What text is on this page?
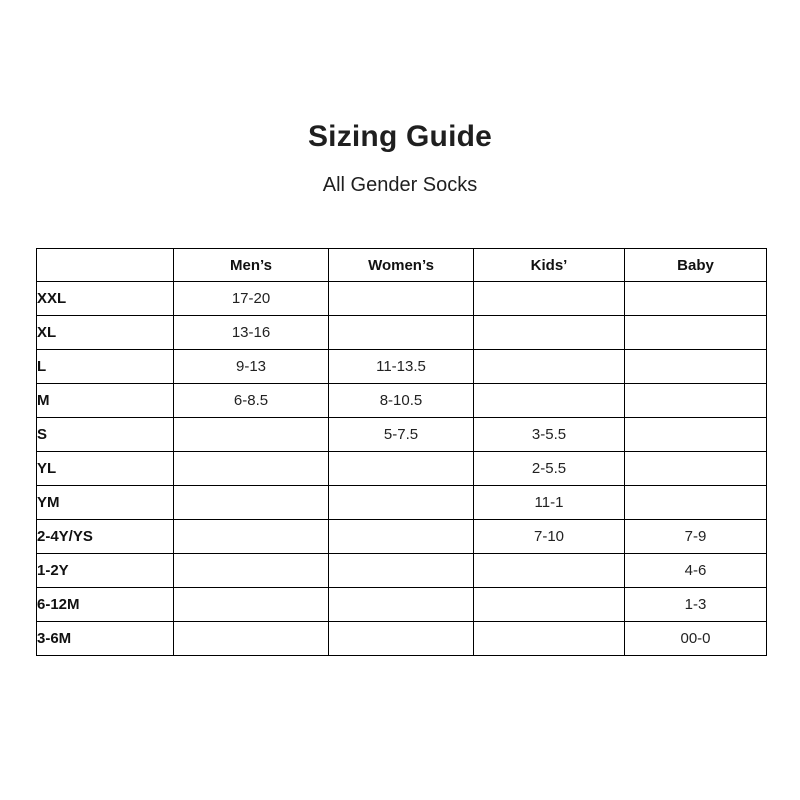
Sizing Guide
All Gender Socks
	Men’s	Women’s	Kids’	Baby
XXL	17-20			
XL	13-16			
L	9-13	11-13.5		
M	6-8.5	8-10.5		
S		5-7.5	3-5.5	
YL			2-5.5	
YM			11-1	
2-4Y/YS			7-10	7-9
1-2Y				4-6
6-12M				1-3
3-6M				00-0
